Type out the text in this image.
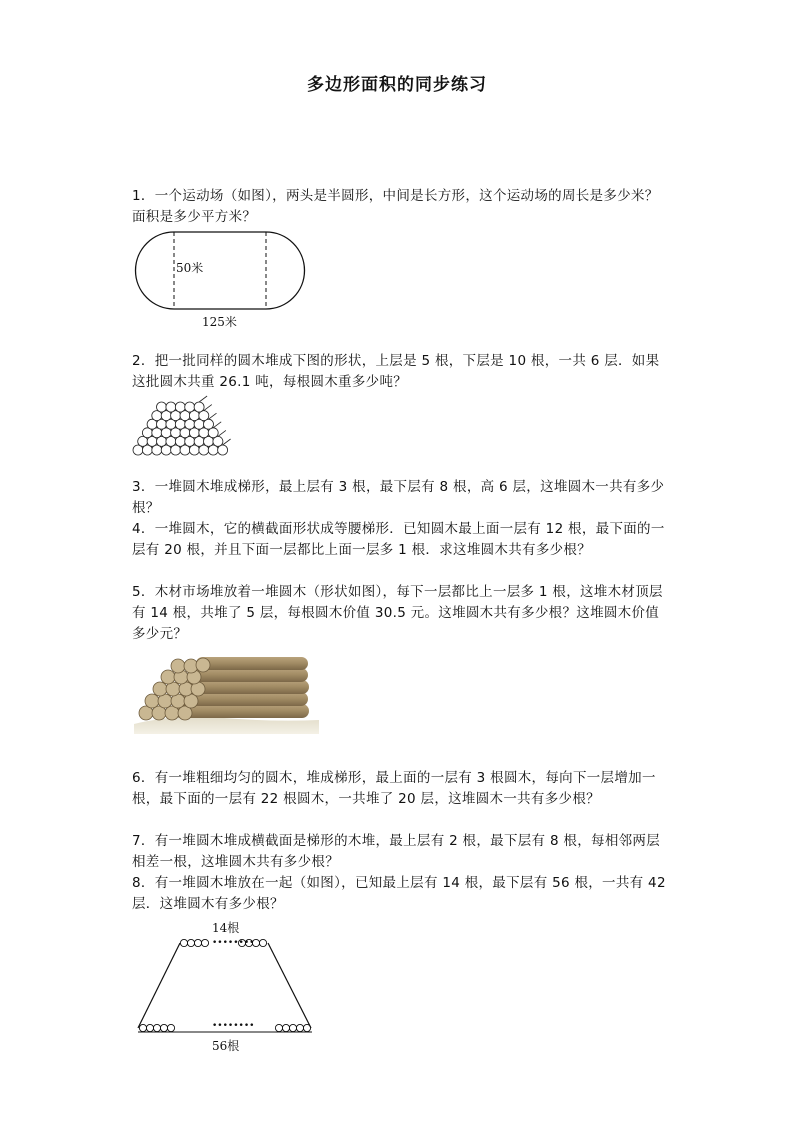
多边形面积的同步练习
1．一个运动场（如图），两头是半圆形，中间是长方形，这个运动场的周长是多少米？面积是多少平方米？
50米
125米
2．把一批同样的圆木堆成下图的形状，上层是 5 根，下层是 10 根，一共 6 层．如果这批圆木共重 26.1 吨，每根圆木重多少吨？
3．一堆圆木堆成梯形，最上层有 3 根，最下层有 8 根，高 6 层，这堆圆木一共有多少根？
4．一堆圆木，它的横截面形状成等腰梯形．已知圆木最上面一层有 12 根，最下面的一层有 20 根，并且下面一层都比上面一层多 1 根．求这堆圆木共有多少根？
5．木材市场堆放着一堆圆木（形状如图），每下一层都比上一层多 1 根，这堆木材顶层有 14 根，共堆了 5 层，每根圆木价值 30.5 元。这堆圆木共有多少根？这堆圆木价值多少元？
6．有一堆粗细均匀的圆木，堆成梯形，最上面的一层有 3 根圆木，每向下一层增加一根，最下面的一层有 22 根圆木，一共堆了 20 层，这堆圆木一共有多少根？
7．有一堆圆木堆成横截面是梯形的木堆，最上层有 2 根，最下层有 8 根，每相邻两层相差一根，这堆圆木共有多少根？
8．有一堆圆木堆放在一起（如图），已知最上层有 14 根，最下层有 56 根，一共有 42 层．这堆圆木有多少根？
14根
••••••••
••••••••
56根
